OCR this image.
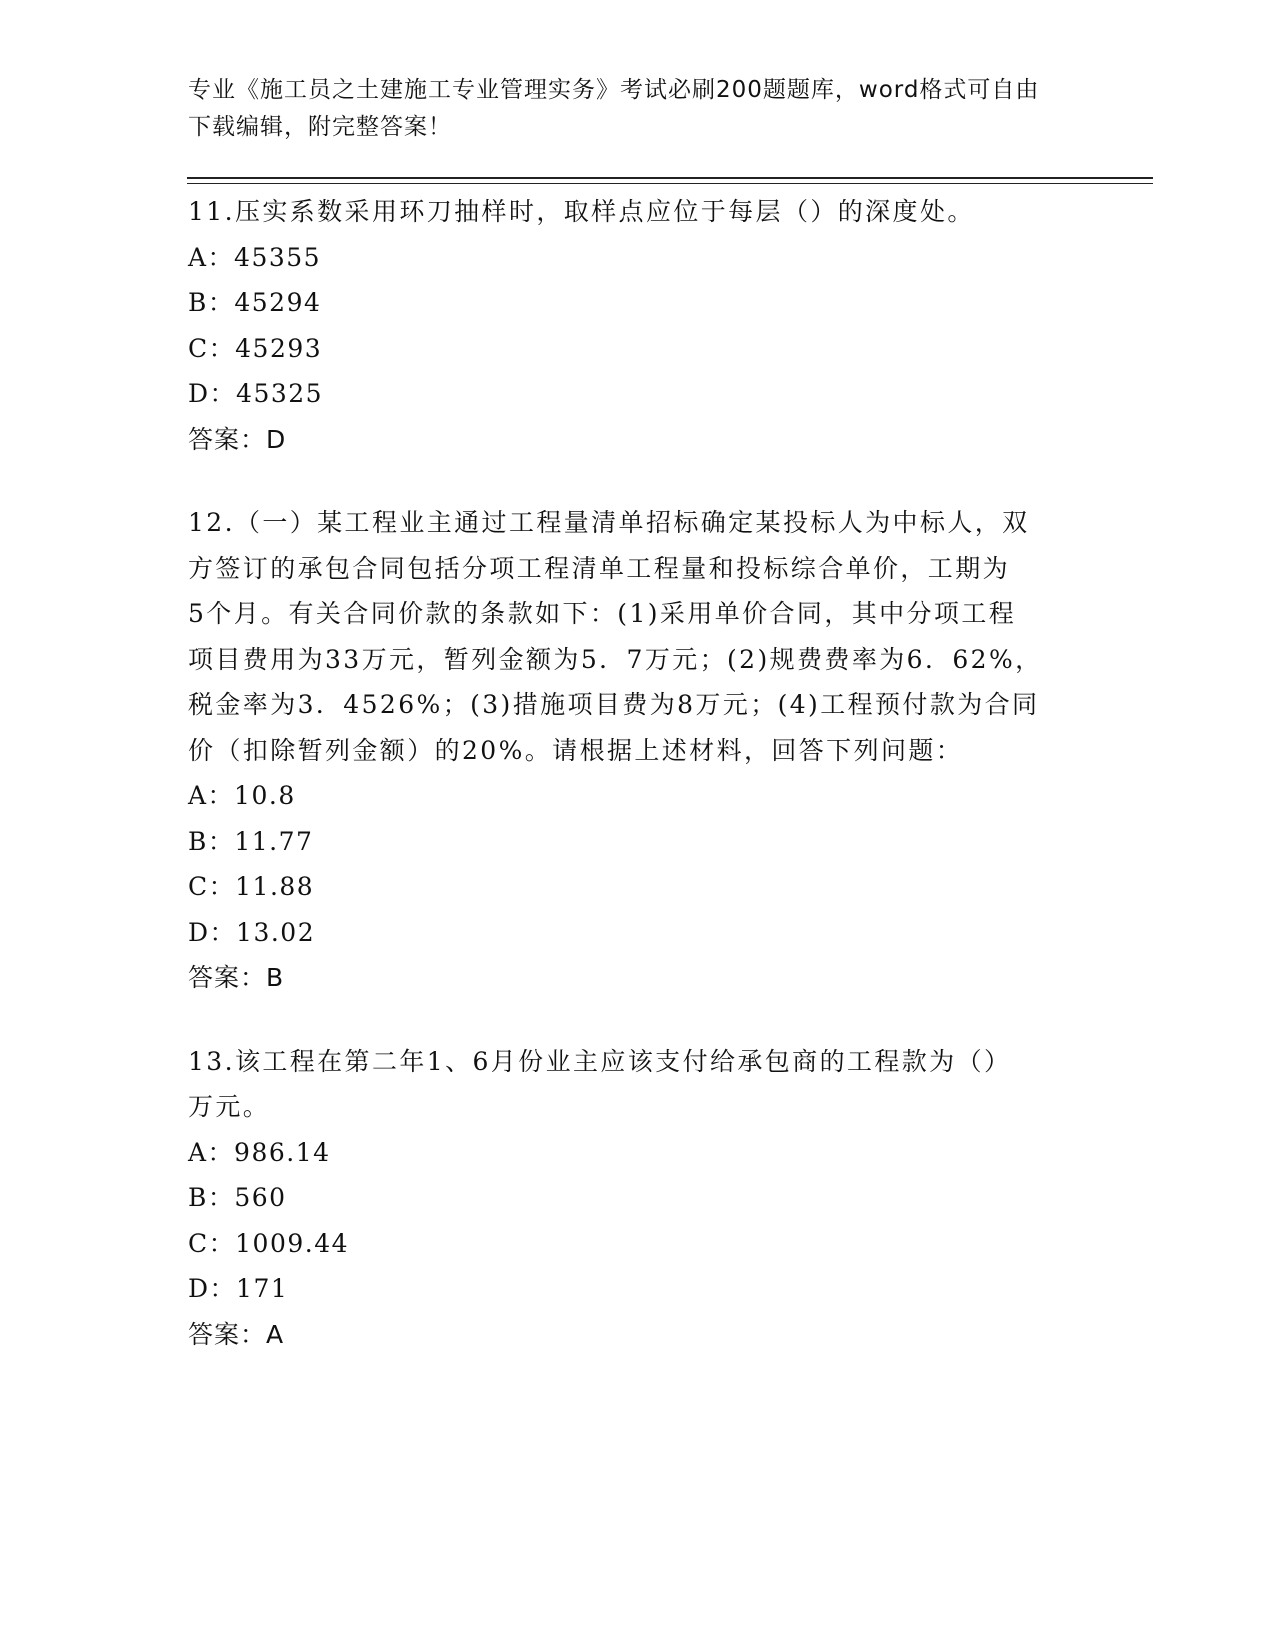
专业《施工员之土建施工专业管理实务》考试必刷200题题库，word格式可自由
下载编辑，附完整答案！

11.压实系数采用环刀抽样时，取样点应位于每层（）的深度处。

A：45355

B：45294

C：45293

D：45325

答案：D

12.（一）某工程业主通过工程量清单招标确定某投标人为中标人，双

方签订的承包合同包括分项工程清单工程量和投标综合单价，工期为

5个月。有关合同价款的条款如下：(1)采用单价合同，其中分项工程

项目费用为33万元，暂列金额为5．7万元；(2)规费费率为6．62%，

税金率为3．4526%；(3)措施项目费为8万元；(4)工程预付款为合同

价（扣除暂列金额）的20%。请根据上述材料，回答下列问题：

A：10.8

B：11.77

C：11.88

D：13.02

答案：B

13.该工程在第二年1、6月份业主应该支付给承包商的工程款为（）

万元。

A：986.14

B：560

C：1009.44

D：171

答案：A
